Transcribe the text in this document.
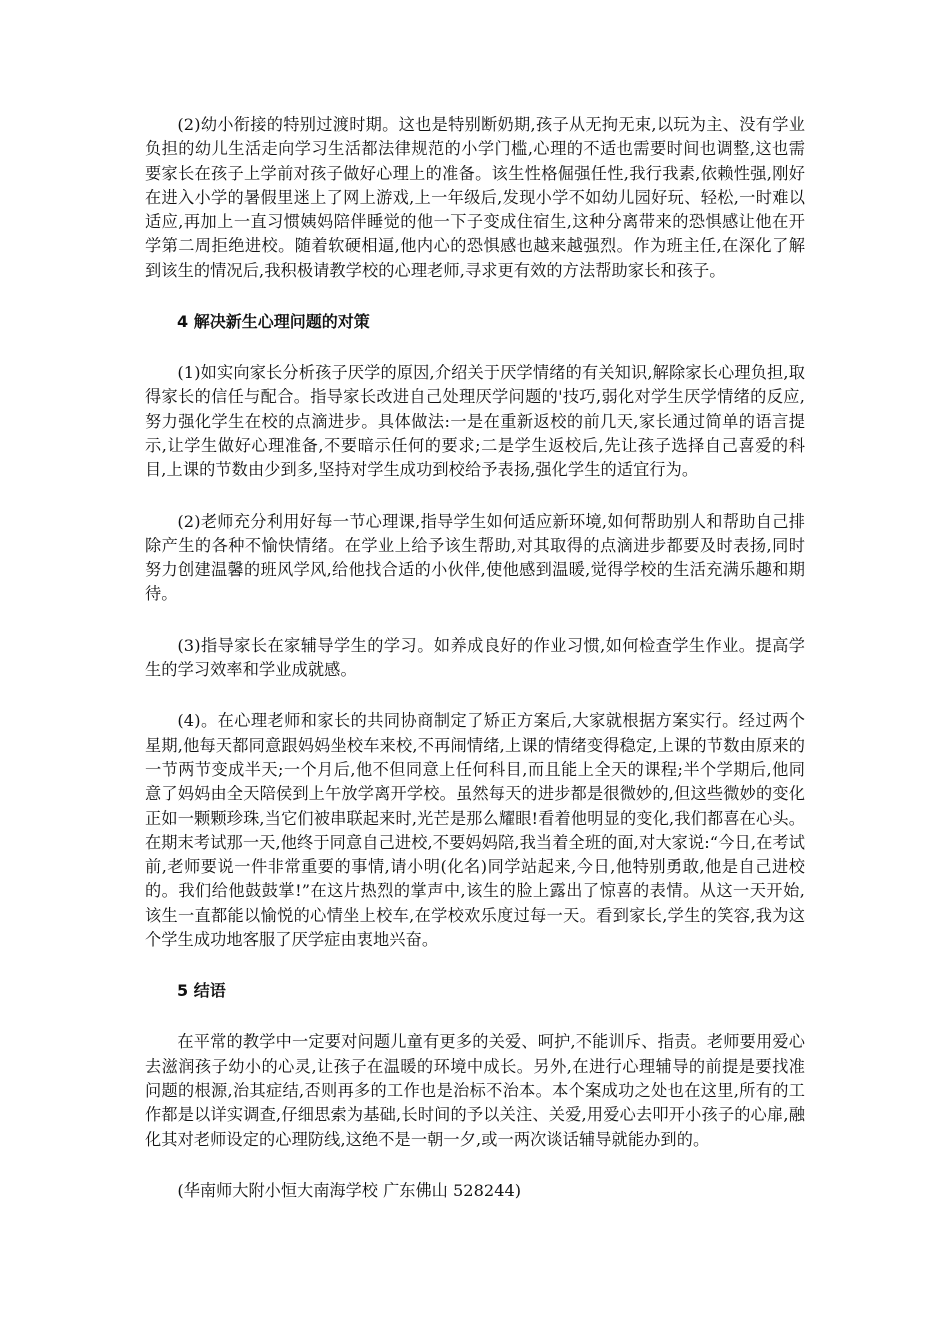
(2)幼小衔接的特别过渡时期。这也是特别断奶期,孩子从无拘无束,以玩为主、没有学业负担的幼儿生活走向学习生活都法律规范的小学门槛,心理的不适也需要时间也调整,这也需要家长在孩子上学前对孩子做好心理上的准备。该生性格倔强任性,我行我素,依赖性强,刚好在进入小学的暑假里迷上了网上游戏,上一年级后,发现小学不如幼儿园好玩、轻松,一时难以适应,再加上一直习惯姨妈陪伴睡觉的他一下子变成住宿生,这种分离带来的恐惧感让他在开学第二周拒绝进校。随着软硬相逼,他内心的恐惧感也越来越强烈。作为班主任,在深化了解到该生的情况后,我积极请教学校的心理老师,寻求更有效的方法帮助家长和孩子。

4 解决新生心理问题的对策

(1)如实向家长分析孩子厌学的原因,介绍关于厌学情绪的有关知识,解除家长心理负担,取得家长的信任与配合。指导家长改进自己处理厌学问题的'技巧,弱化对学生厌学情绪的反应,努力强化学生在校的点滴进步。具体做法:一是在重新返校的前几天,家长通过简单的语言提示,让学生做好心理准备,不要暗示任何的要求;二是学生返校后,先让孩子选择自己喜爱的科目,上课的节数由少到多,坚持对学生成功到校给予表扬,强化学生的适宜行为。

(2)老师充分利用好每一节心理课,指导学生如何适应新环境,如何帮助别人和帮助自己排除产生的各种不愉快情绪。在学业上给予该生帮助,对其取得的点滴进步都要及时表扬,同时努力创建温馨的班风学风,给他找合适的小伙伴,使他感到温暖,觉得学校的生活充满乐趣和期待。

(3)指导家长在家辅导学生的学习。如养成良好的作业习惯,如何检查学生作业。提高学生的学习效率和学业成就感。

(4)。在心理老师和家长的共同协商制定了矫正方案后,大家就根据方案实行。经过两个星期,他每天都同意跟妈妈坐校车来校,不再闹情绪,上课的情绪变得稳定,上课的节数由原来的一节两节变成半天;一个月后,他不但同意上任何科目,而且能上全天的课程;半个学期后,他同意了妈妈由全天陪侯到上午放学离开学校。虽然每天的进步都是很微妙的,但这些微妙的变化正如一颗颗珍珠,当它们被串联起来时,光芒是那么耀眼!看着他明显的变化,我们都喜在心头。在期末考试那一天,他终于同意自己进校,不要妈妈陪,我当着全班的面,对大家说:“今日,在考试前,老师要说一件非常重要的事情,请小明(化名)同学站起来,今日,他特别勇敢,他是自己进校的。我们给他鼓鼓掌!”在这片热烈的掌声中,该生的脸上露出了惊喜的表情。从这一天开始,该生一直都能以愉悦的心情坐上校车,在学校欢乐度过每一天。看到家长,学生的笑容,我为这个学生成功地客服了厌学症由衷地兴奋。

5 结语

在平常的教学中一定要对问题儿童有更多的关爱、呵护,不能训斥、指责。老师要用爱心去滋润孩子幼小的心灵,让孩子在温暖的环境中成长。另外,在进行心理辅导的前提是要找准问题的根源,治其症结,否则再多的工作也是治标不治本。本个案成功之处也在这里,所有的工作都是以详实调查,仔细思索为基础,长时间的予以关注、关爱,用爱心去叩开小孩子的心扉,融化其对老师设定的心理防线,这绝不是一朝一夕,或一两次谈话辅导就能办到的。

(华南师大附小恒大南海学校 广东佛山 528244)
